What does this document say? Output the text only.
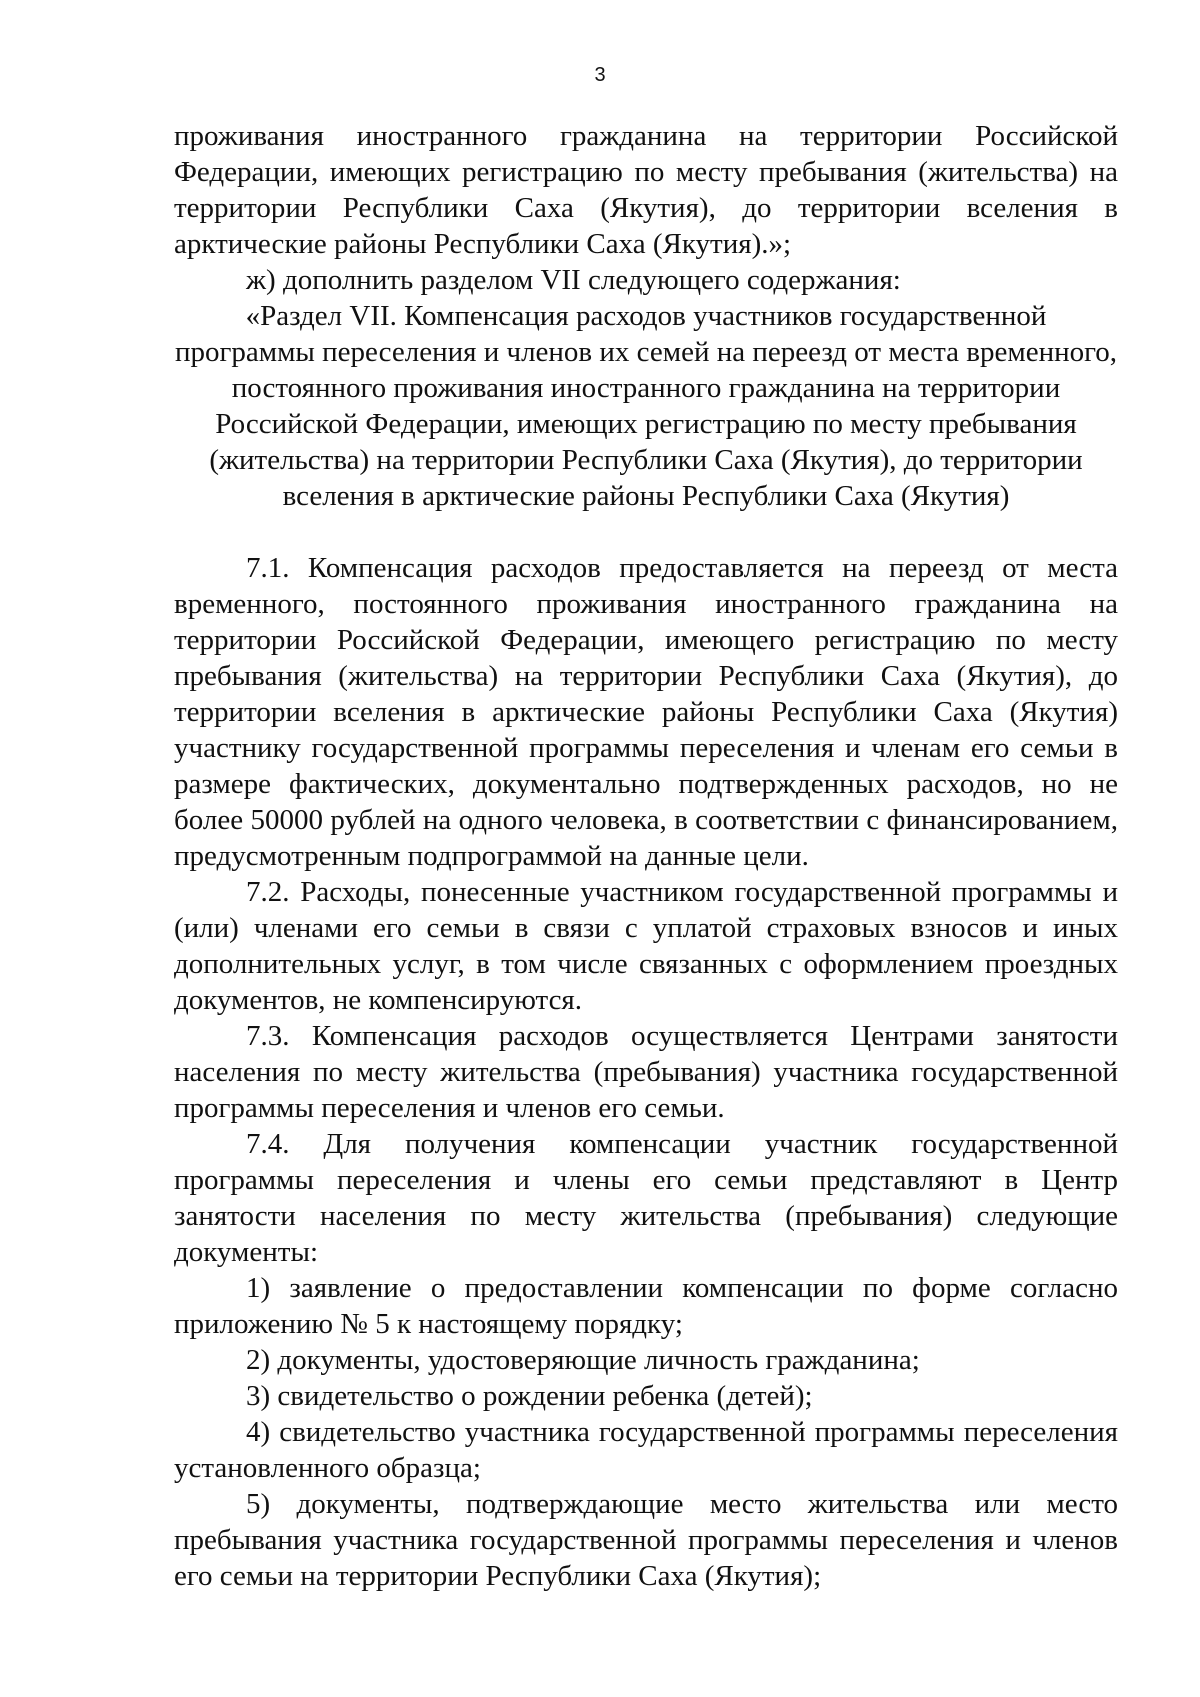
3

проживания иностранного гражданина на территории Российской Федерации, имеющих регистрацию по месту пребывания (жительства) на территории Республики Саха (Якутия), до территории вселения в арктические районы Республики Саха (Якутия).»;

ж) дополнить разделом VII следующего содержания:

«Раздел VII. Компенсация расходов участников государственной
программы переселения и членов их семей на переезд от места временного,
постоянного проживания иностранного гражданина на территории
Российской Федерации, имеющих регистрацию по месту пребывания
(жительства) на территории Республики Саха (Якутия), до территории
вселения в арктические районы Республики Саха (Якутия)

7.1. Компенсация расходов предоставляется на переезд от места временного, постоянного проживания иностранного гражданина на территории Российской Федерации, имеющего регистрацию по месту пребывания (жительства) на территории Республики Саха (Якутия), до территории вселения в арктические районы Республики Саха (Якутия) участнику государственной программы переселения и членам его семьи в размере фактических, документально подтвержденных расходов, но не более 50000 рублей на одного человека, в соответствии с финансированием, предусмотренным подпрограммой на данные цели.

7.2. Расходы, понесенные участником государственной программы и (или) членами его семьи в связи с уплатой страховых взносов и иных дополнительных услуг, в том числе связанных с оформлением проездных документов, не компенсируются.

7.3. Компенсация расходов осуществляется Центрами занятости населения по месту жительства (пребывания) участника государственной программы переселения и членов его семьи.

7.4. Для получения компенсации участник государственной программы переселения и члены его семьи представляют в Центр занятости населения по месту жительства (пребывания) следующие документы:

1) заявление о предоставлении компенсации по форме согласно приложению № 5 к настоящему порядку;
2) документы, удостоверяющие личность гражданина;
3) свидетельство о рождении ребенка (детей);
4) свидетельство участника государственной программы переселения установленного образца;
5) документы, подтверждающие место жительства или место пребывания участника государственной программы переселения и членов его семьи на территории Республики Саха (Якутия);
